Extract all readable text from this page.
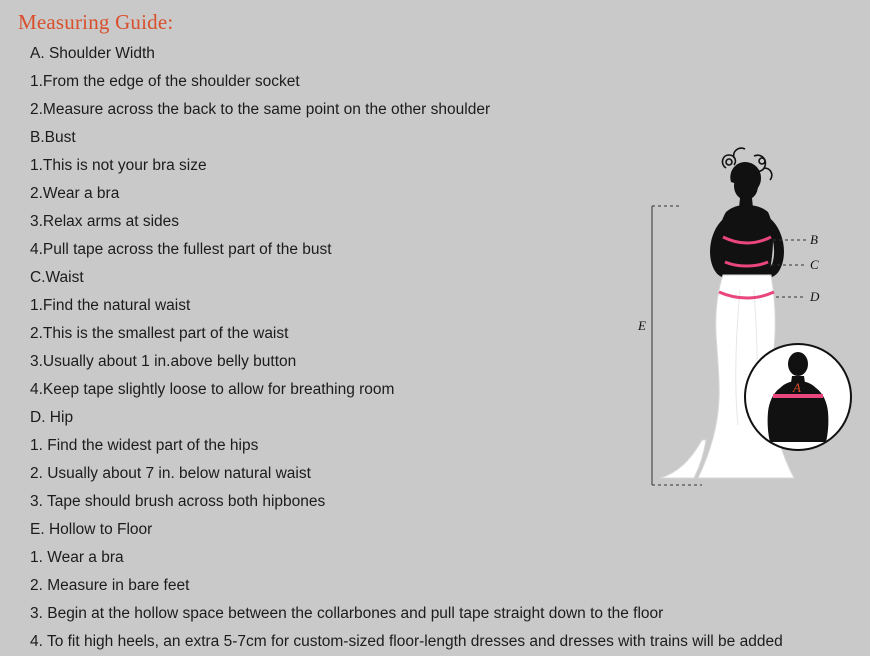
Measuring Guide:
A. Shoulder Width
1.From the edge of the shoulder socket
2.Measure across the back to the same point on the other shoulder
B.Bust
1.This is not your bra size
2.Wear a bra
3.Relax arms at sides
4.Pull tape across the fullest part of the bust
C.Waist
1.Find the natural waist
2.This is the smallest part of the waist
3.Usually about 1 in.above belly button
4.Keep tape slightly loose to allow for breathing room
D. Hip
1. Find the widest part of the hips
2. Usually about 7 in. below natural waist
3. Tape should brush across both hipbones
E. Hollow to Floor
1. Wear a bra
2. Measure in bare feet
3. Begin at the hollow space between the collarbones and pull tape straight down to the floor
4. To fit high heels, an extra 5-7cm for custom-sized floor-length dresses and dresses with trains will be added
B
C
D
E
A
